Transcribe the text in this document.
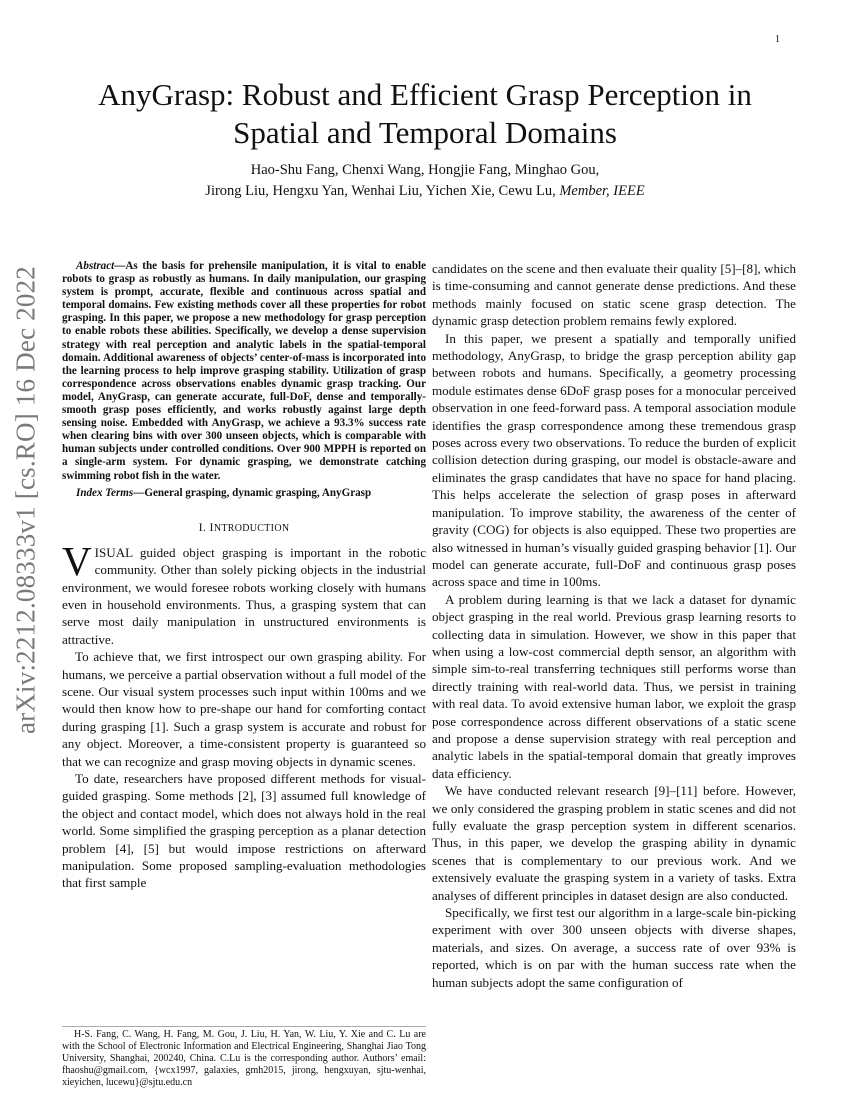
1
arXiv:2212.08333v1 [cs.RO] 16 Dec 2022
AnyGrasp: Robust and Efficient Grasp Perception in Spatial and Temporal Domains
Hao-Shu Fang, Chenxi Wang, Hongjie Fang, Minghao Gou,
Jirong Liu, Hengxu Yan, Wenhai Liu, Yichen Xie, Cewu Lu, Member, IEEE

Abstract—As the basis for prehensile manipulation, it is vital to enable robots to grasp as robustly as humans. In daily manipulation, our grasping system is prompt, accurate, flexible and continuous across spatial and temporal domains. Few existing methods cover all these properties for robot grasping. In this paper, we propose a new methodology for grasp perception to enable robots these abilities. Specifically, we develop a dense supervision strategy with real perception and analytic labels in the spatial-temporal domain. Additional awareness of objects’ center-of-mass is incorporated into the learning process to help improve grasping stability. Utilization of grasp correspondence across observations enables dynamic grasp tracking. Our model, AnyGrasp, can generate accurate, full-DoF, dense and temporally-smooth grasp poses efficiently, and works robustly against large depth sensing noise. Embedded with AnyGrasp, we achieve a 93.3% success rate when clearing bins with over 300 unseen objects, which is comparable with human subjects under controlled conditions. Over 900 MPPH is reported on a single-arm system. For dynamic grasping, we demonstrate catching swimming robot fish in the water.

Index Terms—General grasping, dynamic grasping, AnyGrasp

I. INTRODUCTION

VISUAL guided object grasping is important in the robotic community. Other than solely picking objects in the industrial environment, we would foresee robots working closely with humans even in household environments. Thus, a grasping system that can serve most daily manipulation in unstructured environments is attractive.

To achieve that, we first introspect our own grasping ability. For humans, we perceive a partial observation without a full model of the scene. Our visual system processes such input within 100ms and we would then know how to pre-shape our hand for comforting contact during grasping [1]. Such a grasp system is accurate and robust for any object. Moreover, a time-consistent property is guaranteed so that we can recognize and grasp moving objects in dynamic scenes.

To date, researchers have proposed different methods for visual-guided grasping. Some methods [2], [3] assumed full knowledge of the object and contact model, which does not always hold in the real world. Some simplified the grasping perception as a planar detection problem [4], [5] but would impose restrictions on afterward manipulation. Some proposed sampling-evaluation methodologies that first sample

H-S. Fang, C. Wang, H. Fang, M. Gou, J. Liu, H. Yan, W. Liu, Y. Xie and C. Lu are with the School of Electronic Information and Electrical Engineering, Shanghai Jiao Tong University, Shanghai, 200240, China. C.Lu is the corresponding author. Authors’ email: fhaoshu@gmail.com, {wcx1997, galaxies, gmh2015, jirong, hengxuyan, sjtu-wenhai, xieyichen, lucewu}@sjtu.edu.cn

candidates on the scene and then evaluate their quality [5]–[8], which is time-consuming and cannot generate dense predictions. And these methods mainly focused on static scene grasp detection. The dynamic grasp detection problem remains fewly explored.

In this paper, we present a spatially and temporally unified methodology, AnyGrasp, to bridge the grasp perception ability gap between robots and humans. Specifically, a geometry processing module estimates dense 6DoF grasp poses for a monocular perceived observation in one feed-forward pass. A temporal association module identifies the grasp correspondence among these tremendous grasp poses across every two observations. To reduce the burden of explicit collision detection during grasping, our model is obstacle-aware and eliminates the grasp candidates that have no space for hand placing. This helps accelerate the selection of grasp poses in afterward manipulation. To improve stability, the awareness of the center of gravity (COG) for objects is also equipped. These two properties are also witnessed in human’s visually guided grasping behavior [1]. Our model can generate accurate, full-DoF and continuous grasp poses across space and time in 100ms.

A problem during learning is that we lack a dataset for dynamic object grasping in the real world. Previous grasp learning resorts to collecting data in simulation. However, we show in this paper that when using a low-cost commercial depth sensor, an algorithm with simple sim-to-real transferring techniques still performs worse than directly training with real-world data. Thus, we persist in training with real data. To avoid extensive human labor, we exploit the grasp pose correspondence across different observations of a static scene and propose a dense supervision strategy with real perception and analytic labels in the spatial-temporal domain that greatly improves data efficiency.

We have conducted relevant research [9]–[11] before. However, we only considered the grasping problem in static scenes and did not fully evaluate the grasp perception system in different scenarios. Thus, in this paper, we develop the grasping ability in dynamic scenes that is complementary to our previous work. And we extensively evaluate the grasping system in a variety of tasks. Extra analyses of different principles in dataset design are also conducted.

Specifically, we first test our algorithm in a large-scale bin-picking experiment with over 300 unseen objects with diverse shapes, materials, and sizes. On average, a success rate of over 93% is reported, which is on par with the human success rate when the human subjects adopt the same configuration of
